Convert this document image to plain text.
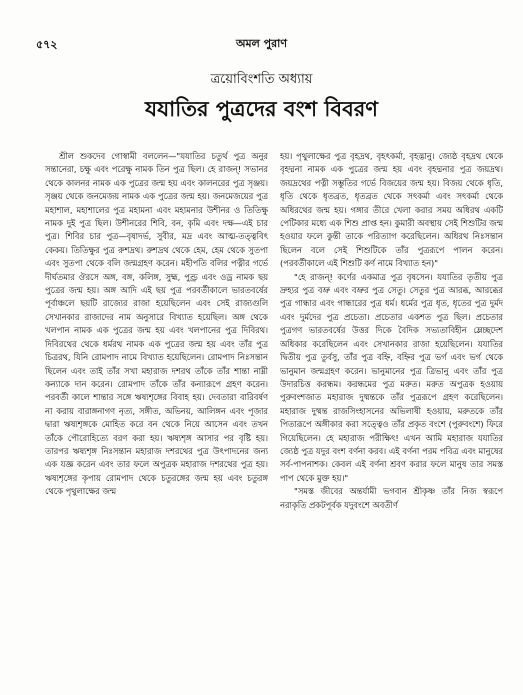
৫৭২	অমল পুরাণ
ত্রয়োবিংশতি অধ্যায়
যযাতির পুত্রদের বংশ বিবরণ

শ্রীল শুকদেব গোস্বামী বললেন—"যযাতির চতুর্থ পুত্র অনুর সন্তানেরা, চক্ষু এবং পরেক্ষু নামক তিন পুত্র ছিল। হে রাজন্! সভানর থেকে কালনর নামক এক পুত্রের জন্ম হয় এবং কালনরের পুত্র সৃঞ্জয়। সৃঞ্জয় থেকে জনমেজয় নামক এক পুত্রের জন্ম হয়। জনমেজয়ের পুত্র মহাশাল, মহাশালের পুত্র মহামনা এবং মহামনার উশীনর ও তিতিক্ষু নামক দুই পুত্র ছিল। উশীনরের শিবি, বন, কৃমি এবং দক্ষ—এই চার পুত্র। শিবির চার পুত্র—বৃষাদর্ভ, সুবীর, মদ্র এবং আত্ম-তত্ত্ববিৎ কেকয়। তিতিক্ষুর পুত্র রুশদ্রথ। রুশদ্রথ থেকে হেম, হেম থেকে সুতপা এবং সুতপা থেকে বলি জন্মগ্রহণ করেন। মহীপতি বলির পত্নীর গর্ভে দীর্ঘতমার ঔরসে অঙ্গ, বঙ্গ, কলিঙ্গ, সুহ্ম, পুণ্ড্র এবং ওড্র নামক ছয় পুত্রের জন্ম হয়। অঙ্গ আদি এই ছয় পুত্র পরবর্তীকালে ভারতবর্ষের পূর্বাঞ্চলে ছয়টি রাজ্যের রাজা হয়েছিলেন এবং সেই রাজ্যগুলি সেখানকার রাজাদের নাম অনুসারে বিখ্যাত হয়েছিল। অঙ্গ থেকে খলপান নামক এক পুত্রের জন্ম হয় এবং খলপানের পুত্র দিবিরথ। দিবিরথের থেকে ধর্মরথ নামক এক পুত্রের জন্ম হয় এবং তাঁর পুত্র চিত্ররথ, যিনি রোমপাদ নামে বিখ্যাত হয়েছিলেন। রোমপাদ নিঃসন্তান ছিলেন এবং তাই তাঁর সখা মহারাজ দশরথ তাঁকে তাঁর শান্তা নাম্নী কন্যাকে দান করেন। রোমপাদ তাঁকে তাঁর কন্যারূপে গ্রহণ করেন। পরবর্তী কালে শান্তার সঙ্গে ঋষ্যশৃঙ্গের বিবাহ হয়। দেবতারা বারিবর্ষণ না করায় বারাঙ্গনাগণ নৃত্য, সঙ্গীত, অভিনয়, আলিঙ্গন এবং পূজার দ্বারা ঋষ্যশৃঙ্গকে মোহিত করে বন থেকে নিয়ে আসেন এবং তখন তাঁকে পৌরোহিত্যে বরণ করা হয়। ঋষ্যশৃঙ্গ আসার পর বৃষ্টি হয়। তারপর ঋষ্যশৃঙ্গ নিঃসন্তান মহারাজ দশরথের পুত্র উৎপাদনের জন্য এক যজ্ঞ করেন এবং তার ফলে অপুত্রক মহারাজ দশরথের পুত্র হয়। ঋষ্যশৃঙ্গের কৃপায় রোমপাদ থেকে চতুরঙ্গের জন্ম হয় এবং চতুরঙ্গ থেকে পৃথুলাক্ষের জন্ম

হয়। পৃথুলাক্ষের পুত্র বৃহদ্রথ, বৃহৎকর্মা, বৃহদ্ভানু। জ্যেষ্ঠ বৃহদ্রথ থেকে বৃহদ্মনা নামক এক পুত্রের জন্ম হয় এবং বৃহদ্মনার পুত্র জয়দ্রথ। জয়দ্রথের পত্নী সম্ভূতির গর্ভে বিজয়ের জন্ম হয়। বিজয় থেকে ধৃতি, ধৃতি থেকে ধৃতব্রত, ধৃতব্রত থেকে সৎকর্মা এবং সৎকর্মা থেকে অধিরথের জন্ম হয়। গঙ্গার তীরে খেলা করার সময় অধিরথ একটি পেটিকার মধ্যে এক শিশু প্রাপ্ত হন। কুমারী অবস্থায় সেই শিশুটির জন্ম হওয়ার ফলে কুন্তী তাকে পরিত্যাগ করেছিলেন। অধিরথ নিঃসন্তান ছিলেন বলে সেই শিশুটিকে তাঁর পুত্ররূপে পালন করেন। (পরবর্তীকালে এই শিশুটি কর্ণ নামে বিখ্যাত হন)"

"হে রাজন্! কর্ণের একমাত্র পুত্র বৃষসেন। যযাতির তৃতীয় পুত্র দ্রুহ্যর পুত্র বভ্রু এবং বভ্রুর পুত্র সেতু। সেতুর পুত্র আরব্ধ, আরব্ধের পুত্র গান্ধার এবং গান্ধারের পুত্র ধর্ম। ধর্মের পুত্র ধৃত, ধৃতের পুত্র দুর্মদ এবং দুর্মদের পুত্র প্রচেতা। প্রচেতার একশত পুত্র ছিল। প্রচেতার পুত্রগণ ভারতবর্ষের উত্তর দিকে বৈদিক সভ্যতাবিহীন ম্লেচ্ছদেশ অধিকার করেছিলেন এবং সেখানকার রাজা হয়েছিলেন। যযাতির দ্বিতীয় পুত্র তুর্বসু, তাঁর পুত্র বহ্নি, বহ্নির পুত্র ভর্গ এবং ভর্গ থেকে ভানুমান জন্মগ্রহণ করেন। ভানুমানের পুত্র ত্রিভানু এবং তাঁর পুত্র উদারচিত্ত করন্ধম। করন্ধমের পুত্র মরুত। মরুত অপুত্রক হওয়ায় পুরুবংশজাত মহারাজ দুষ্মন্তকে তাঁর পুত্ররূপে গ্রহণ করেছিলেন। মহারাজ দুষ্মন্ত রাজসিংহাসনের অভিলাষী হওয়ায়, মরুতকে তাঁর পিতারূপে অঙ্গীকার করা সত্ত্বেও তাঁর প্রকৃত বংশে (পুরুবংশে) ফিরে গিয়েছিলেন। হে মহারাজ পরীক্ষিৎ! এখন আমি মহারাজ যযাতির জ্যেষ্ঠ পুত্র যদুর বংশ বর্ণনা করব। এই বর্ণনা পরম পবিত্র এবং মানুষের সর্ব-পাপনাশক। কেবল এই বর্ণনা শ্রবণ করার ফলে মানুষ তার সমস্ত পাপ থেকে মুক্ত হয়।"

"সমস্ত জীবের অন্তর্যামী ভগবান শ্রীকৃষ্ণ তাঁর নিজ স্বরূপে নরাকৃতি প্রকটপূর্বক যদুবংশে অবতীর্ণ
